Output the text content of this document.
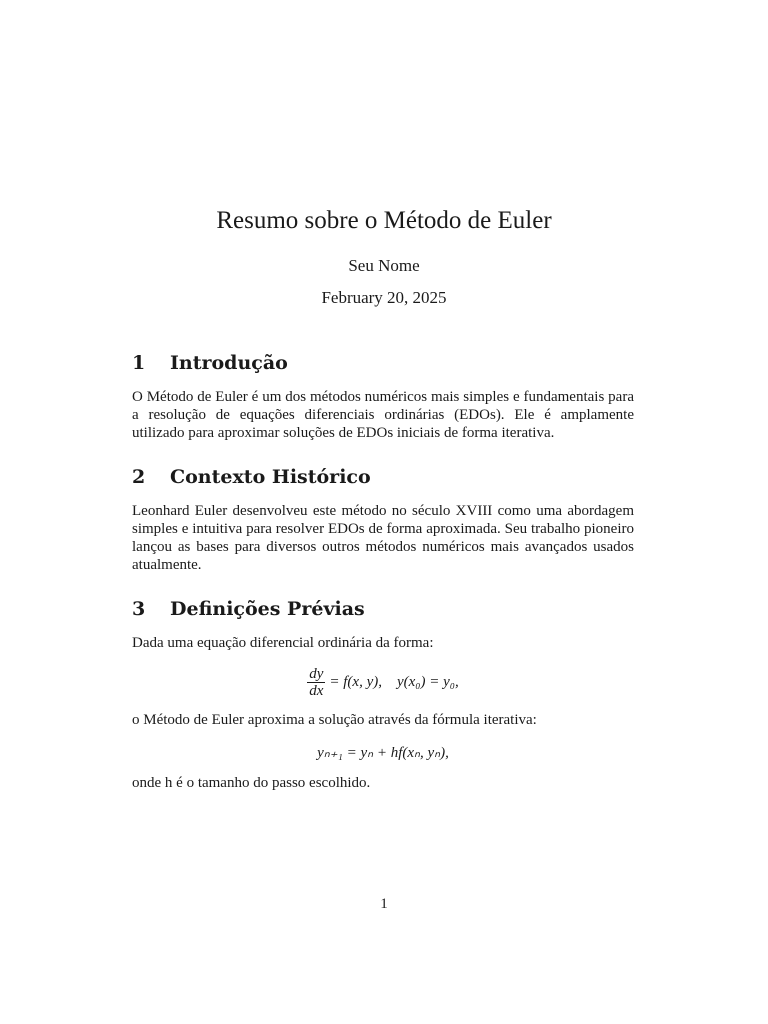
Resumo sobre o Método de Euler
Seu Nome
February 20, 2025
1	Introdução

O Método de Euler é um dos métodos numéricos mais simples e fundamentais para a resolução de equações diferenciais ordinárias (EDOs). Ele é amplamente utilizado para aproximar soluções de EDOs iniciais de forma iterativa.

2	Contexto Histórico

Leonhard Euler desenvolveu este método no século XVIII como uma abordagem simples e intuitiva para resolver EDOs de forma aproximada. Seu trabalho pioneiro lançou as bases para diversos outros métodos numéricos mais avançados usados atualmente.

3	Definições Prévias

Dada uma equação diferencial ordinária da forma:

$\frac{dy}{dx} = f(x$, y),    y(x₀) = y₀,

o Método de Euler aproxima a solução através da fórmula iterativa:

yₙ₊₁ = yₙ + hf(xₙ, yₙ),

onde h é o tamanho do passo escolhido.

1
